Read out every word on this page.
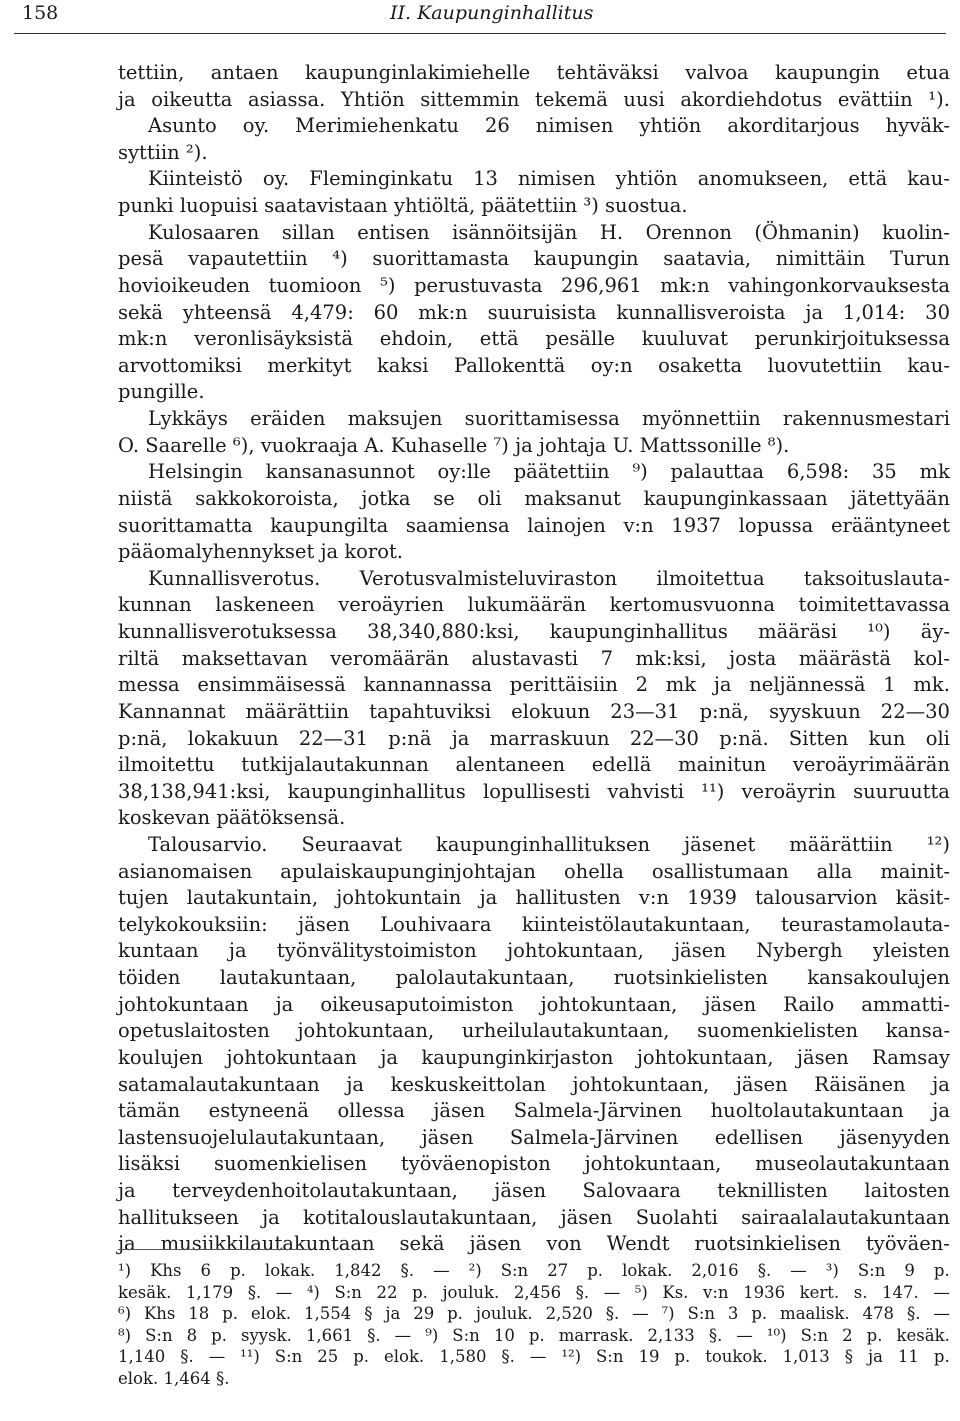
158	II. Kaupunginhallitus
tettiin, antaen kaupunginlakimiehelle tehtäväksi valvoa kaupungin etua
ja oikeutta asiassa. Yhtiön sittemmin tekemä uusi akordiehdotus evättiin ¹).
Asunto oy. Merimiehenkatu 26 nimisen yhtiön akorditarjous hyväk-
syttiin ²).
Kiinteistö oy. Fleminginkatu 13 nimisen yhtiön anomukseen, että kau-
punki luopuisi saatavistaan yhtiöltä, päätettiin ³) suostua.
Kulosaaren sillan entisen isännöitsijän H. Orennon (Öhmanin) kuolin-
pesä vapautettiin ⁴) suorittamasta kaupungin saatavia, nimittäin Turun
hovioikeuden tuomioon ⁵) perustuvasta 296,961 mk:n vahingonkorvauksesta
sekä yhteensä 4,479: 60 mk:n suuruisista kunnallisveroista ja 1,014: 30
mk:n veronlisäyksistä ehdoin, että pesälle kuuluvat perunkirjoituksessa
arvottomiksi merkityt kaksi Pallokenttä oy:n osaketta luovutettiin kau-
pungille.
Lykkäys eräiden maksujen suorittamisessa myönnettiin rakennusmestari
O. Saarelle ⁶), vuokraaja A. Kuhaselle ⁷) ja johtaja U. Mattssonille ⁸).
Helsingin kansanasunnot oy:lle päätettiin ⁹) palauttaa 6,598: 35 mk
niistä sakkokoroista, jotka se oli maksanut kaupunginkassaan jätettyään
suorittamatta kaupungilta saamiensa lainojen v:n 1937 lopussa erääntyneet
pääomalyhennykset ja korot.
Kunnallisverotus. Verotusvalmisteluviraston ilmoitettua taksoituslauta-
kunnan laskeneen veroäyrien lukumäärän kertomusvuonna toimitettavassa
kunnallisverotuksessa 38,340,880:ksi, kaupunginhallitus määräsi ¹⁰) äy-
riltä maksettavan veromäärän alustavasti 7 mk:ksi, josta määrästä kol-
messa ensimmäisessä kannannassa perittäisiin 2 mk ja neljännessä 1 mk.
Kannannat määrättiin tapahtuviksi elokuun 23—31 p:nä, syyskuun 22—30
p:nä, lokakuun 22—31 p:nä ja marraskuun 22—30 p:nä. Sitten kun oli
ilmoitettu tutkijalautakunnan alentaneen edellä mainitun veroäyrimäärän
38,138,941:ksi, kaupunginhallitus lopullisesti vahvisti ¹¹) veroäyrin suuruutta
koskevan päätöksensä.
Talousarvio. Seuraavat kaupunginhallituksen jäsenet määrättiin ¹²)
asianomaisen apulaiskaupunginjohtajan ohella osallistumaan alla mainit-
tujen lautakuntain, johtokuntain ja hallitusten v:n 1939 talousarvion käsit-
telykokouksiin: jäsen Louhivaara kiinteistölautakuntaan, teurastamolauta-
kuntaan ja työnvälitystoimiston johtokuntaan, jäsen Nybergh yleisten
töiden lautakuntaan, palolautakuntaan, ruotsinkielisten kansakoulujen
johtokuntaan ja oikeusaputoimiston johtokuntaan, jäsen Railo ammatti-
opetuslaitosten johtokuntaan, urheilulautakuntaan, suomenkielisten kansa-
koulujen johtokuntaan ja kaupunginkirjaston johtokuntaan, jäsen Ramsay
satamalautakuntaan ja keskuskeittolan johtokuntaan, jäsen Räisänen ja
tämän estyneenä ollessa jäsen Salmela-Järvinen huoltolautakuntaan ja
lastensuojelulautakuntaan, jäsen Salmela-Järvinen edellisen jäsenyyden
lisäksi suomenkielisen työväenopiston johtokuntaan, museolautakuntaan
ja terveydenhoitolautakuntaan, jäsen Salovaara teknillisten laitosten
hallitukseen ja kotitalouslautakuntaan, jäsen Suolahti sairaalalautakuntaan
ja musiikkilautakuntaan sekä jäsen von Wendt ruotsinkielisen työväen-
¹) Khs 6 p. lokak. 1,842 §. — ²) S:n 27 p. lokak. 2,016 §. — ³) S:n 9 p.
kesäk. 1,179 §. — ⁴) S:n 22 p. jouluk. 2,456 §. — ⁵) Ks. v:n 1936 kert. s. 147. —
⁶) Khs 18 p. elok. 1,554 § ja 29 p. jouluk. 2,520 §. — ⁷) S:n 3 p. maalisk. 478 §. —
⁸) S:n 8 p. syysk. 1,661 §. — ⁹) S:n 10 p. marrask. 2,133 §. — ¹⁰) S:n 2 p. kesäk.
1,140 §. — ¹¹) S:n 25 p. elok. 1,580 §. — ¹²) S:n 19 p. toukok. 1,013 § ja 11 p.
elok. 1,464 §.
